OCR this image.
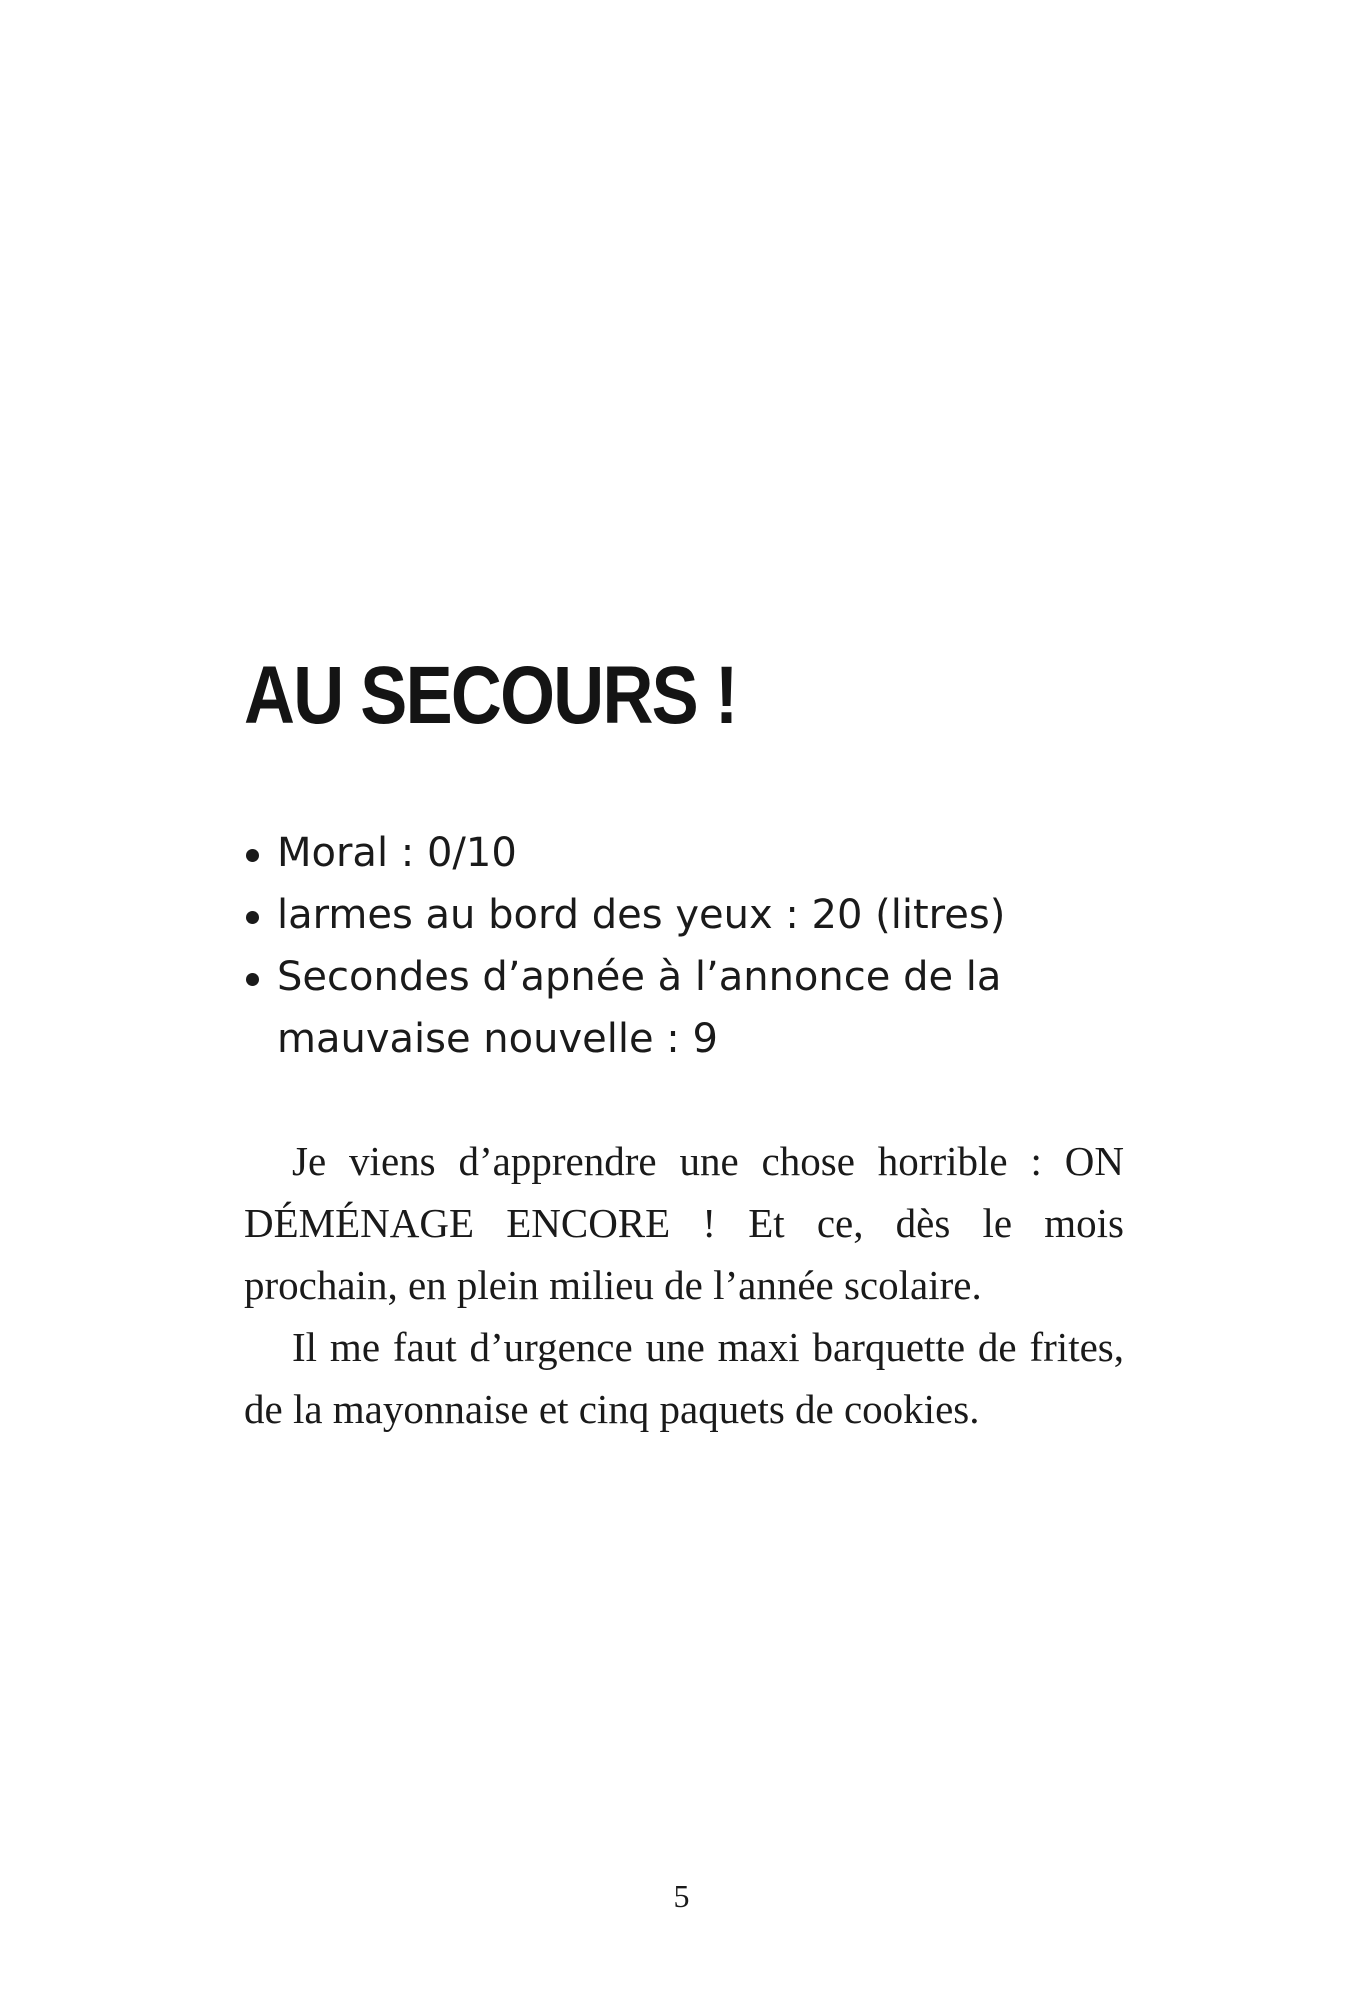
AU SECOURS !
Moral : 0/10
larmes au bord des yeux : 20 (litres)
Secondes d’apnée à l’annonce de la mauvaise nouvelle : 9

Je viens d’apprendre une chose horrible : ON DÉMÉNAGE ENCORE ! Et ce, dès le mois prochain, en plein milieu de l’année scolaire.

Il me faut d’urgence une maxi barquette de frites, de la mayonnaise et cinq paquets de cookies.

5
